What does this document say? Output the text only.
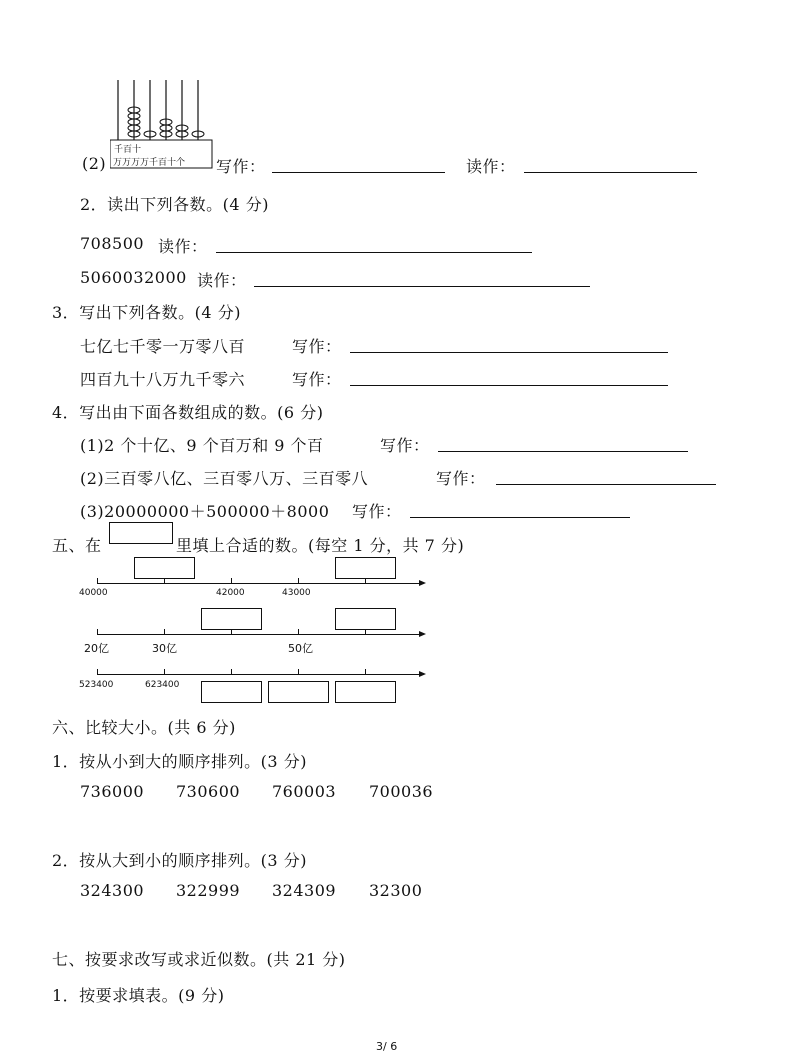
千百十
万万万万千百十个
(2)	写作：	读作：
2．读出下列各数。(4 分)
708500 读作：
5060032000 读作：
3．写出下列各数。(4 分)
七亿七千零一万零八百	写作：
四百九十八万九千零六	写作：
4．写出由下面各数组成的数。(6 分)
(1)2 个十亿、9 个百万和 9 个百	写作：
(2)三百零八亿、三百零八万、三百零八	写作：
(3)20000000＋500000＋8000 写作：
五、在	里填上合适的数。(每空 1 分，共 7 分)
40000	42000	43000
20亿	30亿	50亿
523400	623400
六、比较大小。(共 6 分)
1．按从小到大的顺序排列。(3 分)
736000 730600 760003 700036
2．按从大到小的顺序排列。(3 分)
324300 322999 324309 32300
七、按要求改写或求近似数。(共 21 分)
1．按要求填表。(9 分)
3/ 6
